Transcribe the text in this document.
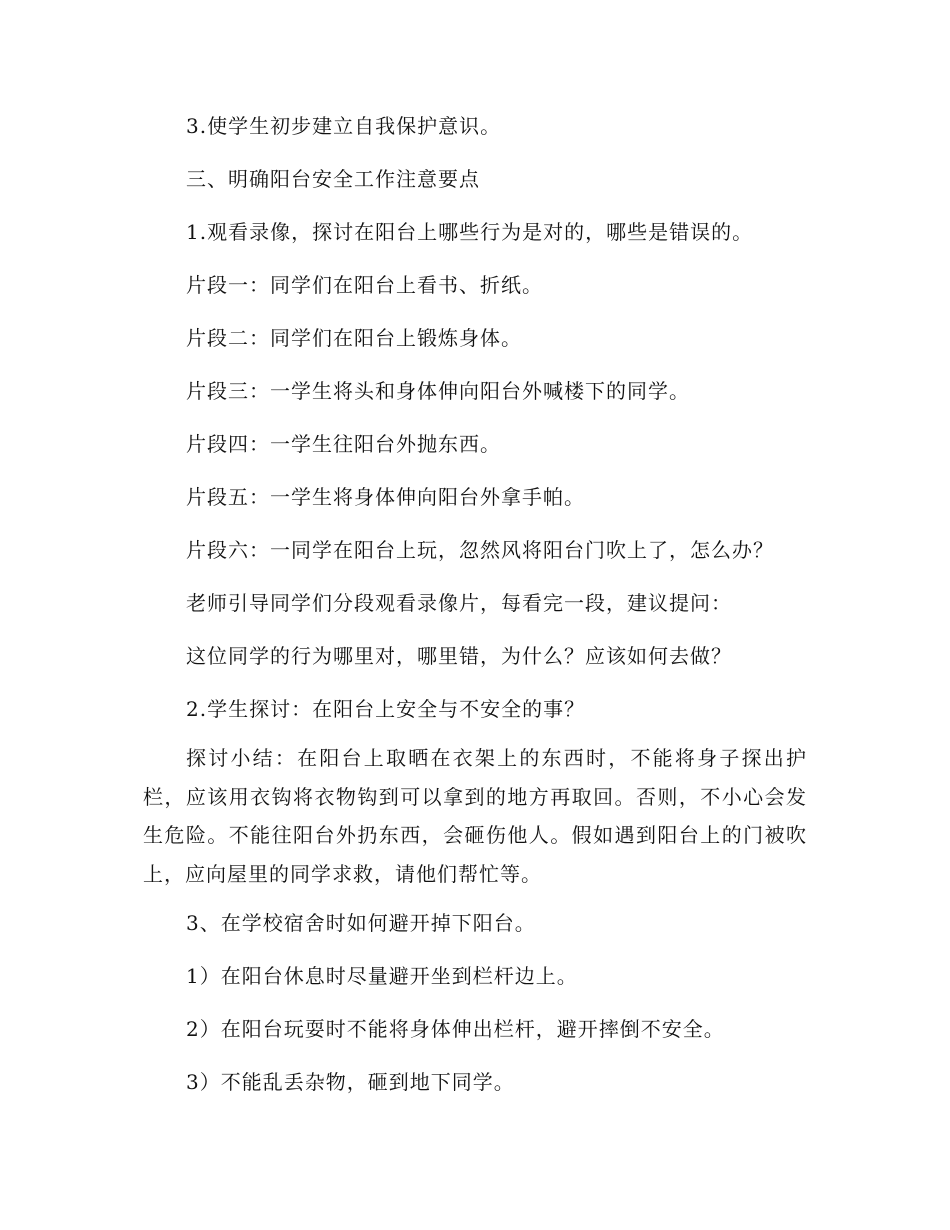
3.使学生初步建立自我保护意识。
三、明确阳台安全工作注意要点
1.观看录像，探讨在阳台上哪些行为是对的，哪些是错误的。
片段一：同学们在阳台上看书、折纸。
片段二：同学们在阳台上锻炼身体。
片段三：一学生将头和身体伸向阳台外喊楼下的同学。
片段四：一学生往阳台外抛东西。
片段五：一学生将身体伸向阳台外拿手帕。
片段六：一同学在阳台上玩，忽然风将阳台门吹上了，怎么办？
老师引导同学们分段观看录像片，每看完一段，建议提问：
这位同学的行为哪里对，哪里错，为什么？应该如何去做？
2.学生探讨：在阳台上安全与不安全的事？
探讨小结：在阳台上取晒在衣架上的东西时，不能将身子探出护栏，应该用衣钩将衣物钩到可以拿到的地方再取回。否则，不小心会发生危险。不能往阳台外扔东西，会砸伤他人。假如遇到阳台上的门被吹上，应向屋里的同学求救，请他们帮忙等。
3、在学校宿舍时如何避开掉下阳台。
1）在阳台休息时尽量避开坐到栏杆边上。
2）在阳台玩耍时不能将身体伸出栏杆，避开摔倒不安全。
3）不能乱丢杂物，砸到地下同学。
